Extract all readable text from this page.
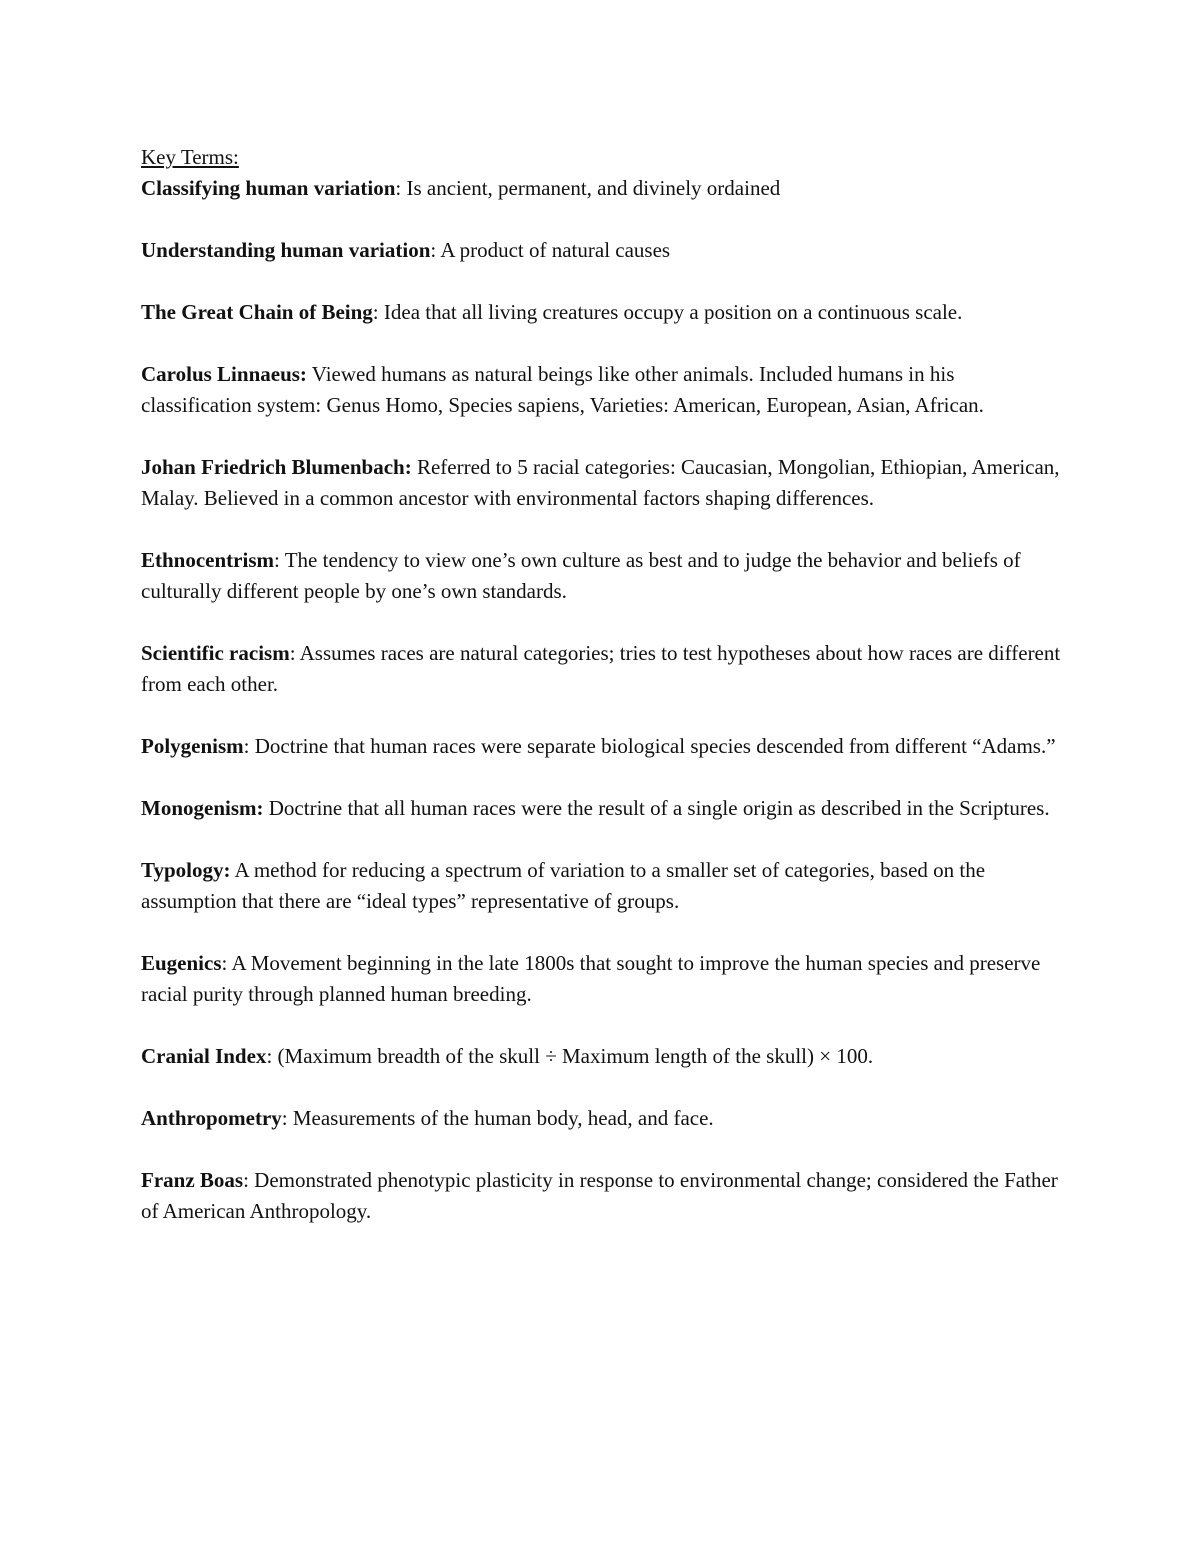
Key Terms:

Classifying human variation: Is ancient, permanent, and divinely ordained

Understanding human variation: A product of natural causes

The Great Chain of Being: Idea that all living creatures occupy a position on a continuous scale.

Carolus Linnaeus: Viewed humans as natural beings like other animals. Included humans in his classification system: Genus Homo, Species sapiens, Varieties: American, European, Asian, African.

Johan Friedrich Blumenbach: Referred to 5 racial categories: Caucasian, Mongolian, Ethiopian, American, Malay. Believed in a common ancestor with environmental factors shaping differences.

Ethnocentrism: The tendency to view one’s own culture as best and to judge the behavior and beliefs of culturally different people by one’s own standards.

Scientific racism: Assumes races are natural categories; tries to test hypotheses about how races are different from each other.

Polygenism: Doctrine that human races were separate biological species descended from different “Adams.”

Monogenism: Doctrine that all human races were the result of a single origin as described in the Scriptures.

Typology: A method for reducing a spectrum of variation to a smaller set of categories, based on the assumption that there are “ideal types” representative of groups.

Eugenics: A Movement beginning in the late 1800s that sought to improve the human species and preserve racial purity through planned human breeding.

Cranial Index: (Maximum breadth of the skull ÷ Maximum length of the skull) × 100.

Anthropometry: Measurements of the human body, head, and face.

Franz Boas: Demonstrated phenotypic plasticity in response to environmental change; considered the Father of American Anthropology.
